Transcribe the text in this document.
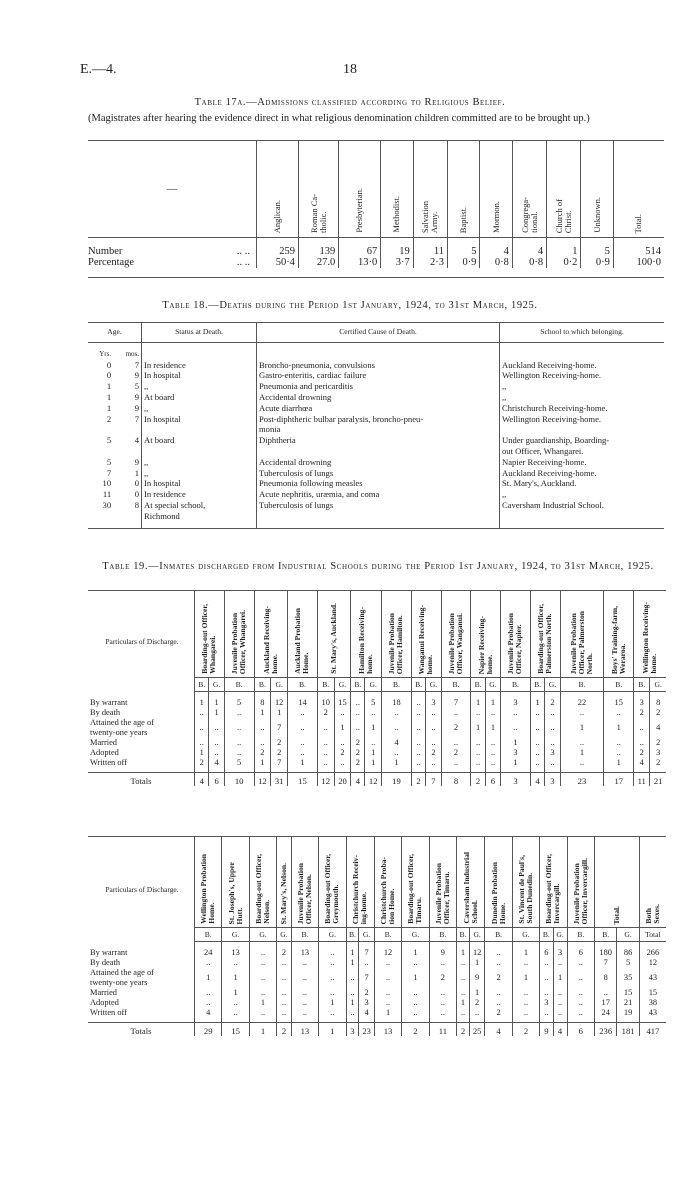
E.—4.	18
Table 17a.—Admissions classified according to Religious Belief.
(Magistrates after hearing the evidence direct in what religious denomination children committed are to be brought up.)
—	Anglican.	Roman Ca-
tholic.	Presbyterian.	Methodist.	Salvation
Army.	Baptist.	Mormon.	Congrega-
tional.	Church of
Christ.	Unknown.	Total.

Number .. ..	259	139	67	19	11	5	4	4	1	5	514
Percentage .. ..	50·4	27.0	13·0	3·7	2·3	0·9	0·8	0·8	0·2	0·9	100·0
Table 18.—Deaths during the Period 1st January, 1924, to 31st March, 1925.
Age.		Status at Death.	Certified Cause of Death.	School to which belonging.
Yrs.	mos.			
0	7	In residence	Broncho-pneumonia, convulsions	Auckland Receiving-home.
0	9	In hospital	Gastro-enteritis, cardiac failure	Wellington Receiving-home.
1	5	,,	Pneumonia and pericarditis	,,
1	9	At board	Accidental drowning	,,
1	9	,,	Acute diarrhœa	Christchurch Receiving-home.
2	7	In hospital	Post-diphtheric bulbar paralysis, broncho-pneu-
monia	Wellington Receiving-home.
5	4	At board	Diphtheria	Under guardianship, Boarding-
out Officer, Whangarei.
5	9	,,	Accidental drowning	Napier Receiving-home.
7	1	,,	Tuberculosis of lungs	Auckland Receiving-home.
10	0	In hospital	Pneumonia following measles	St. Mary's, Auckland.
11	0	In residence	Acute nephritis, uræmia, and coma	,,
30	8	At special school,
Richmond	Tuberculosis of lungs	Caversham Industrial School.

Table 19.—Inmates discharged from Industrial Schools during the Period 1st January, 1924, to 31st March, 1925.
Particulars of Discharge.	Boarding-out Officer,
Whangarei.		Juvenile Probation
Officer, Whangarei.	Auckland Receiving-
home.		Auckland Probation
Home.	St. Mary's, Auckland.		Hamilton Receiving-
home.		Juvenile Probation
Officer, Hamilton.	Wanganui Receiving-
home.		Juvenile Probation
Officer, Wanganui.	Napier Receiving-
home.		Juvenile Probation
Officer, Napier.	Boarding-out Officer,
Palmerston North.		Juvenile Probation
Officer, Palmerston
North.	Boys' Training-farm,
Weraroa.	Wellington Receiving-
home.	

	B.	G.	B.	B.	G.	B.	B.	G.	B.	G.	B.	B.	G.	B.	B.	G.	B.	B.	G.	B.	B.	B.	G.
By warrant	1	1	5	8	12	14	10	15	..	5	18	..	3	7	1	1	3	1	2	22	15	3	8
By death	..	1	..	1	1	..	2	..	..	..	..	..	..	..	..	..	..	..	..	..	..	2	2
Attained the age of
twenty-one years	..	..	..	..	7	..	..	1	..	1	..	..	..	2	1	1	..	..	..	1	1	..	4
Married	..	..	..	..	2	..	..	..	2	..	4	..	..	..	..	..	1	..	..	..	..	..	2
Adopted	1	..	..	2	2	..	..	2	2	1	..	..	2	2	..	..	3	..	3	1	..	2	3
Written off	2	4	5	1	7	1	..	..	2	1	1	..	..	..	..	..	1	..	..	..	1	4	2
Totals	4	6	10	12	31	15	12	20	4	12	19	2	7	8	2	6	3	4	3	23	17	11	21
Particulars of Discharge.	Wellington Probation
Home.	St. Joseph's, Upper
Hutt.	Boarding-out Officer,
Nelson.	St. Mary's, Nelson.	Juvenile Probation
Officer, Nelson.	Boarding-out Officer,
Greymouth.	Christchurch Receiv-
ing-home.		Christchurch Proba-
tion Home.	Boarding-out Officer,
Timaru.	Juvenile Probation
Officer, Timaru.	Caversham Industrial
School.		Dunedin Probation
Home.	St. Vincent de Paul's,
South Dunedin.	Boarding-out Officer,
Invercargill.		Juvenile Probation
Officer, Invercargill.	Total.		Both
Sexes.

	B.	G.	G.	G.	B.	G.	B.	G.	B.	G.	B.	B.	G.	B.	G.	B.	G.	B.	B.	G.	Total
By warrant	24	13	..	2	13	..	1	7	12	1	9	1	12	..	1	6	3	6	180	86	266
By death	..	..	..	..	..	..	1	..	..	..	..	..	1	..	..	..	..	..	7	5	12
Attained the age of
twenty-one years	1	1	..	..	..	..	..	7	..	1	2	..	9	2	1	..	1	..	8	35	43
Married	..	1	..	..	..	..	..	2	..	..	..	..	1	..	..	..	..	..	..	15	15
Adopted	..	..	1	..	..	1	1	3	..	..	..	1	2	..	..	3	..	..	17	21	38
Written off	4	..	..	..	..	..	..	4	1	..	..	..	..	2	..	..	..	..	24	19	43
Totals	29	15	1	2	13	1	3	23	13	2	11	2	25	4	2	9	4	6	236	181	417
